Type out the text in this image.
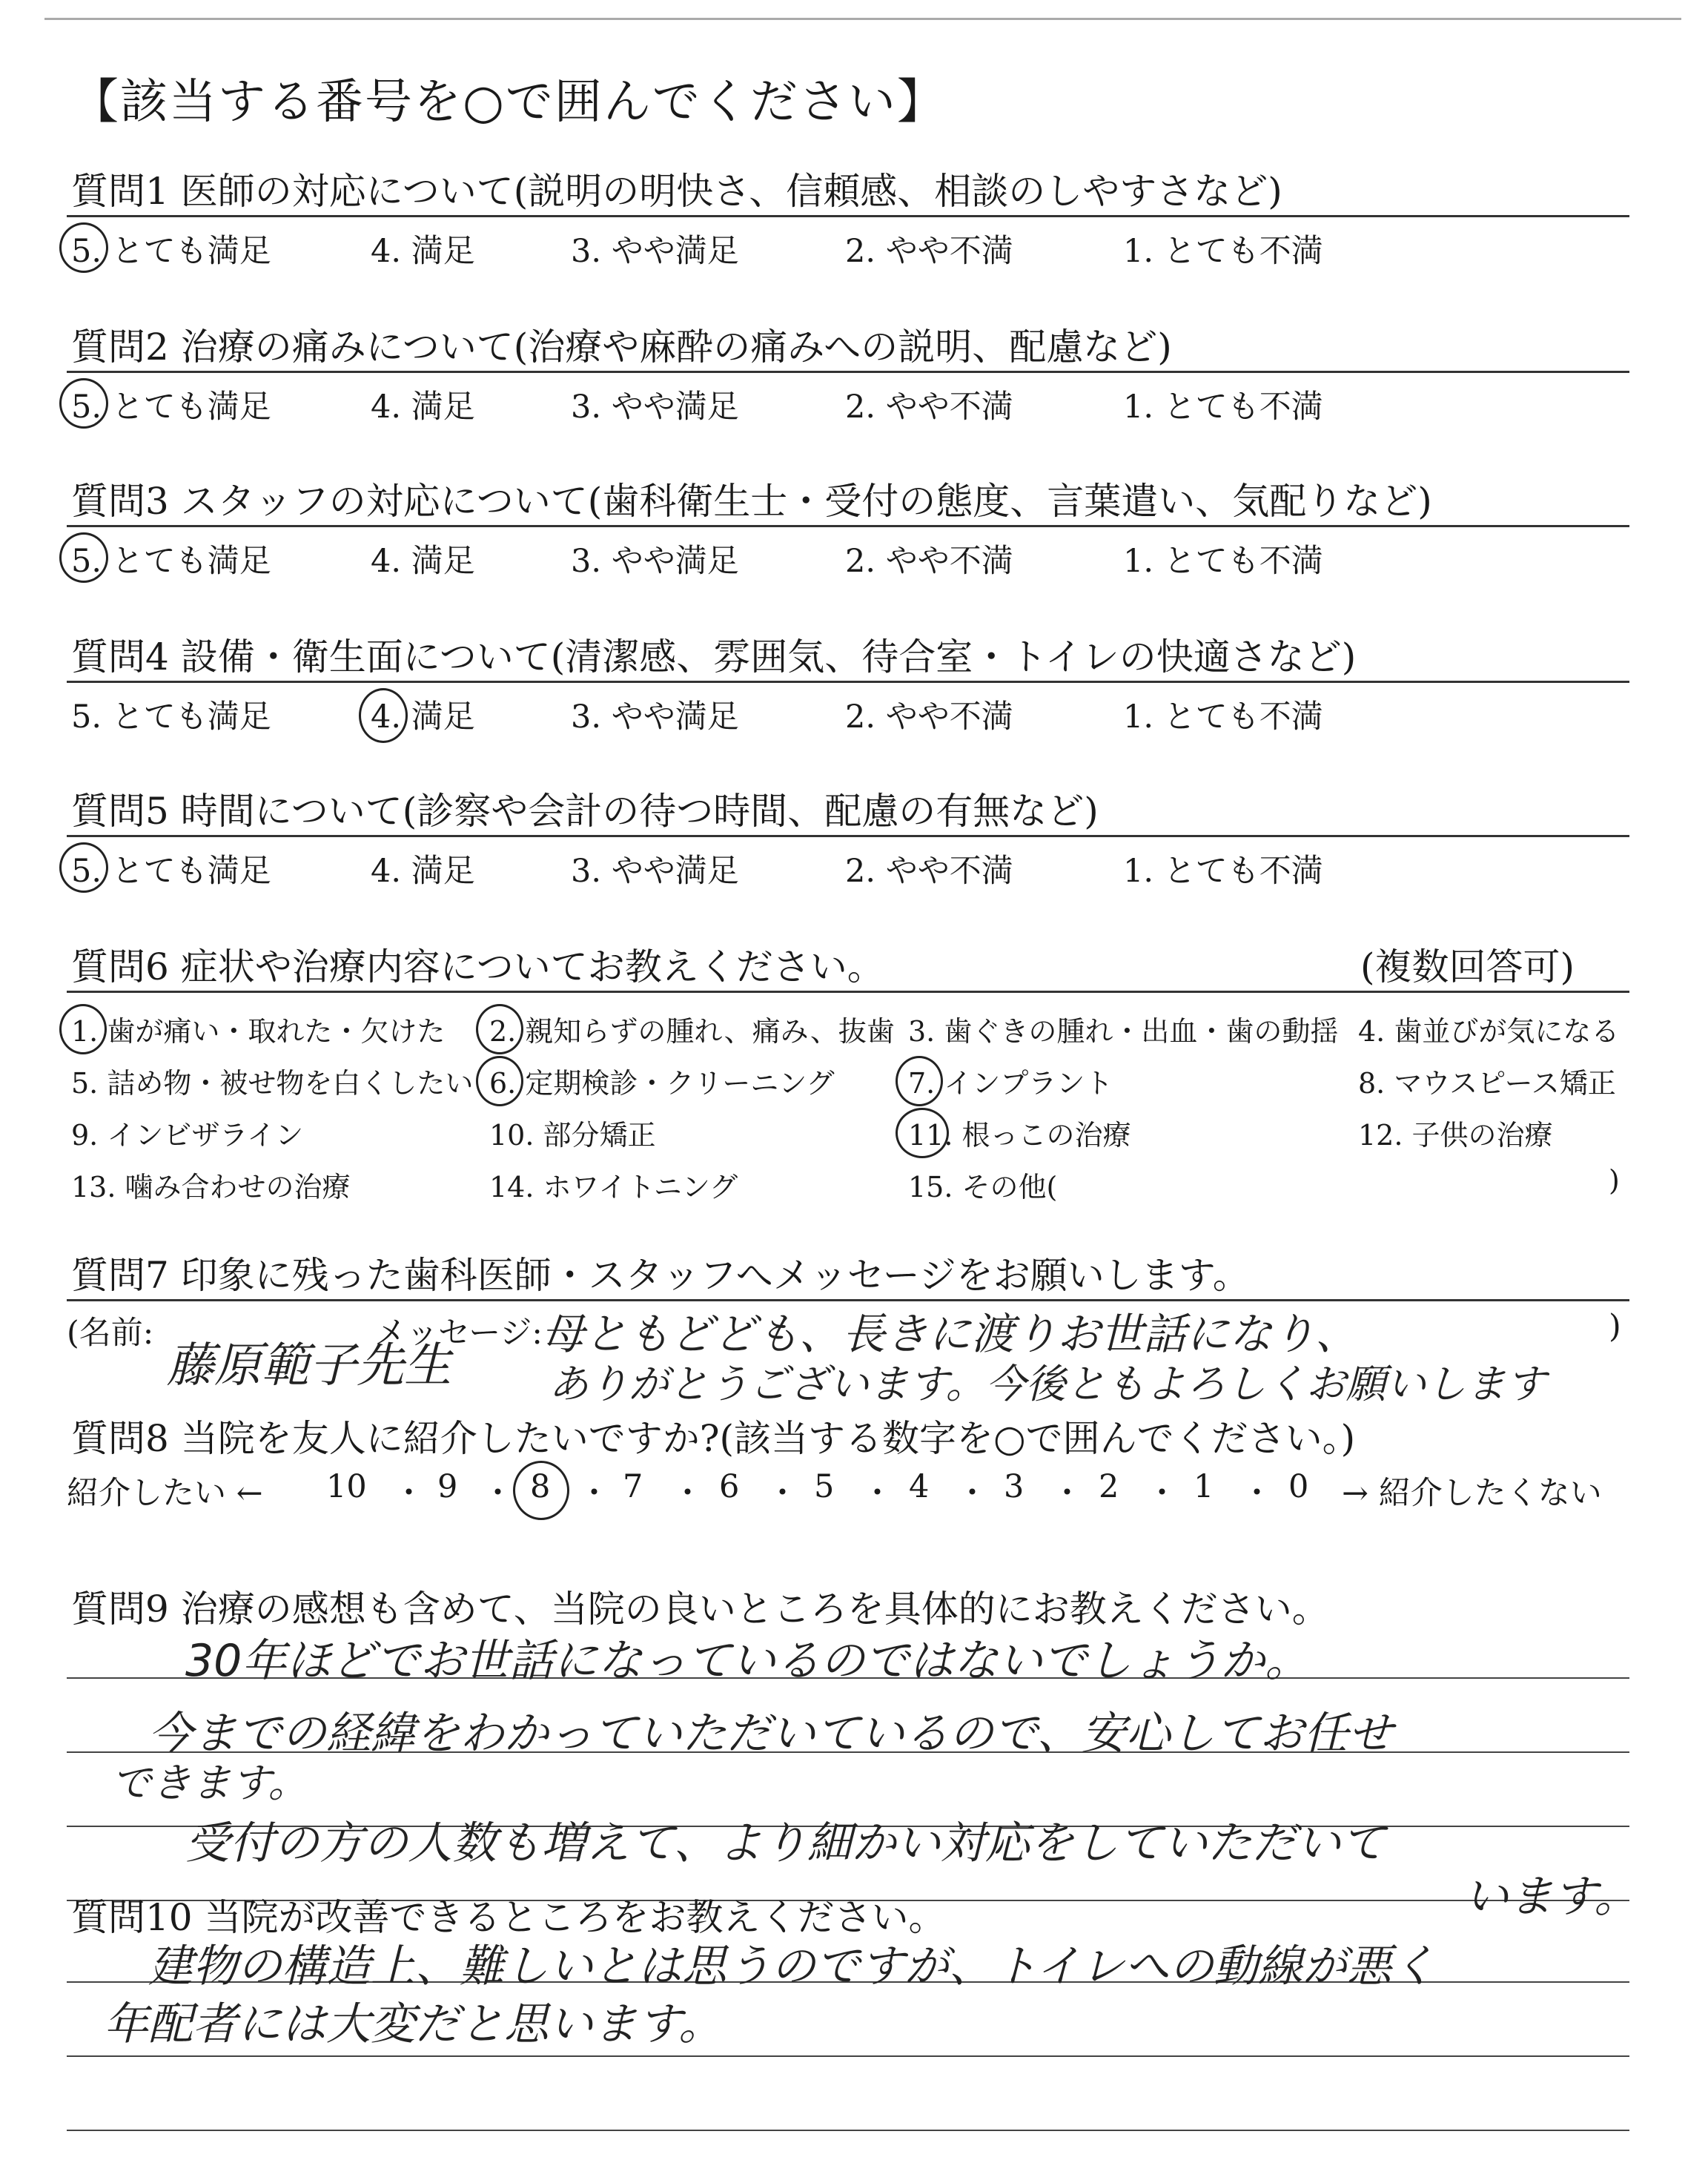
【該当する番号を○で囲んでください】
質問1 医師の対応について(説明の明快さ、信頼感、相談のしやすさなど)
5. とても満足	4. 満足	3. やや満足	2. やや不満	1. とても不満
質問2 治療の痛みについて(治療や麻酔の痛みへの説明、配慮など)
5. とても満足	4. 満足	3. やや満足	2. やや不満	1. とても不満
質問3 スタッフの対応について(歯科衛生士・受付の態度、言葉遣い、気配りなど)
5. とても満足	4. 満足	3. やや満足	2. やや不満	1. とても不満
質問4 設備・衛生面について(清潔感、雰囲気、待合室・トイレの快適さなど)
5. とても満足	4. 満足	3. やや満足	2. やや不満	1. とても不満
質問5 時間について(診察や会計の待つ時間、配慮の有無など)
5. とても満足	4. 満足	3. やや満足	2. やや不満	1. とても不満
質問6 症状や治療内容についてお教えください。	(複数回答可)
1. 歯が痛い・取れた・欠けた 2. 親知らずの腫れ、痛み、抜歯 3. 歯ぐきの腫れ・出血・歯の動揺 4. 歯並びが気になる
5. 詰め物・被せ物を白くしたい 6. 定期検診・クリーニング	7. インプラント	8. マウスピース矯正
9. インビザライン	10. 部分矯正	11. 根っこの治療	12. 子供の治療
13. 噛み合わせの治療	14. ホワイトニング	15. その他(	)
質問7 印象に残った歯科医師・スタッフへメッセージをお願いします。
(名前:	メッセージ:	)
藤原範子先生
母ともどども、長きに渡りお世話になり、
ありがとうございます。今後ともよろしくお願いします
質問8 当院を友人に紹介したいですか?(該当する数字を○で囲んでください。)
紹介したい ← 10 9 8 7 6 5 4 3 2 1 0 → 紹介したくない
・ ・ ・ ・ ・ ・ ・ ・ ・ ・
質問9 治療の感想も含めて、当院の良いところを具体的にお教えください。
30年ほどでお世話になっているのではないでしょうか。
今までの経緯をわかっていただいているので、安心してお任せ
できます。
受付の方の人数も増えて、より細かい対応をしていただいて
います。
質問10 当院が改善できるところをお教えください。
建物の構造上、難しいとは思うのですが、トイレへの動線が悪く
年配者には大変だと思います。
